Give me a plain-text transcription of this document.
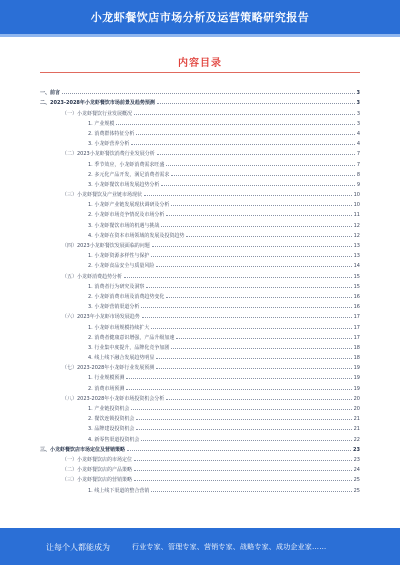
小龙虾餐饮店市场分析及运营策略研究报告
内容目录
一、前言	3
二、2023-2028年小龙虾餐饮市场前景及趋势预测	3
（一）小龙虾餐饮行业发展概况	3
1. 产业规模	3
2. 消费群体特征分析	4
3. 小龙虾营养分析	4
（二）2023小龙虾餐饮消费行业发展分析	7
1. 季节效应，小龙虾消费需求旺盛	7
2. 多元化产品开发，满足消费者需求	8
3. 小龙虾餐饮市场发展趋势分析	9
（三）小龙虾餐饮及产业链市场现状	10
1. 小龙虾产业链发展现状调研及分析	10
2. 小龙虾市场竞争情况及市场分析	11
3. 小龙虾餐饮市场的机遇与挑战	12
4. 小龙虾在资本市场领域的发展及投资趋势	12
（四）2023小龙虾餐饮发展面临的问题	13
1. 小龙虾资源多样性与保护	13
2. 小龙虾食品安全与质量风险	14
（五）小龙虾消费趋势分析	15
1. 消费者行为研究及洞察	15
2. 小龙虾消费市场及消费趋势变化	16
3. 小龙虾营销渠道分析	16
（六）2023年小龙虾市场发展趋势	17
1. 小龙虾市场规模持续扩大	17
2. 消费者健康意识增强，产品升级加速	17
3. 行业集中度提升，品牌化竞争加剧	18
4. 线上线下融合发展趋势明显	18
（七）2023-2028年小龙虾行业发展预测	19
1. 行业规模预测	19
2. 消费市场预测	19
（八）2023-2028年小龙虾市场投资机会分析	20
1. 产业链投资机会	20
2. 餐饮连锁投资机会	21
3. 品牌建设投资机会	21
4. 新零售渠道投资机会	22
三、小龙虾餐饮店市场定位及营销策略	23
（一）小龙虾餐饮店的市场定位	23
（二）小龙虾餐饮店的产品策略	24
（三）小龙虾餐饮店的营销策略	25
1. 线上线下渠道的整合营销	25
让每个人都能成为	行业专家、管理专家、营销专家、战略专家、成功企业家……
